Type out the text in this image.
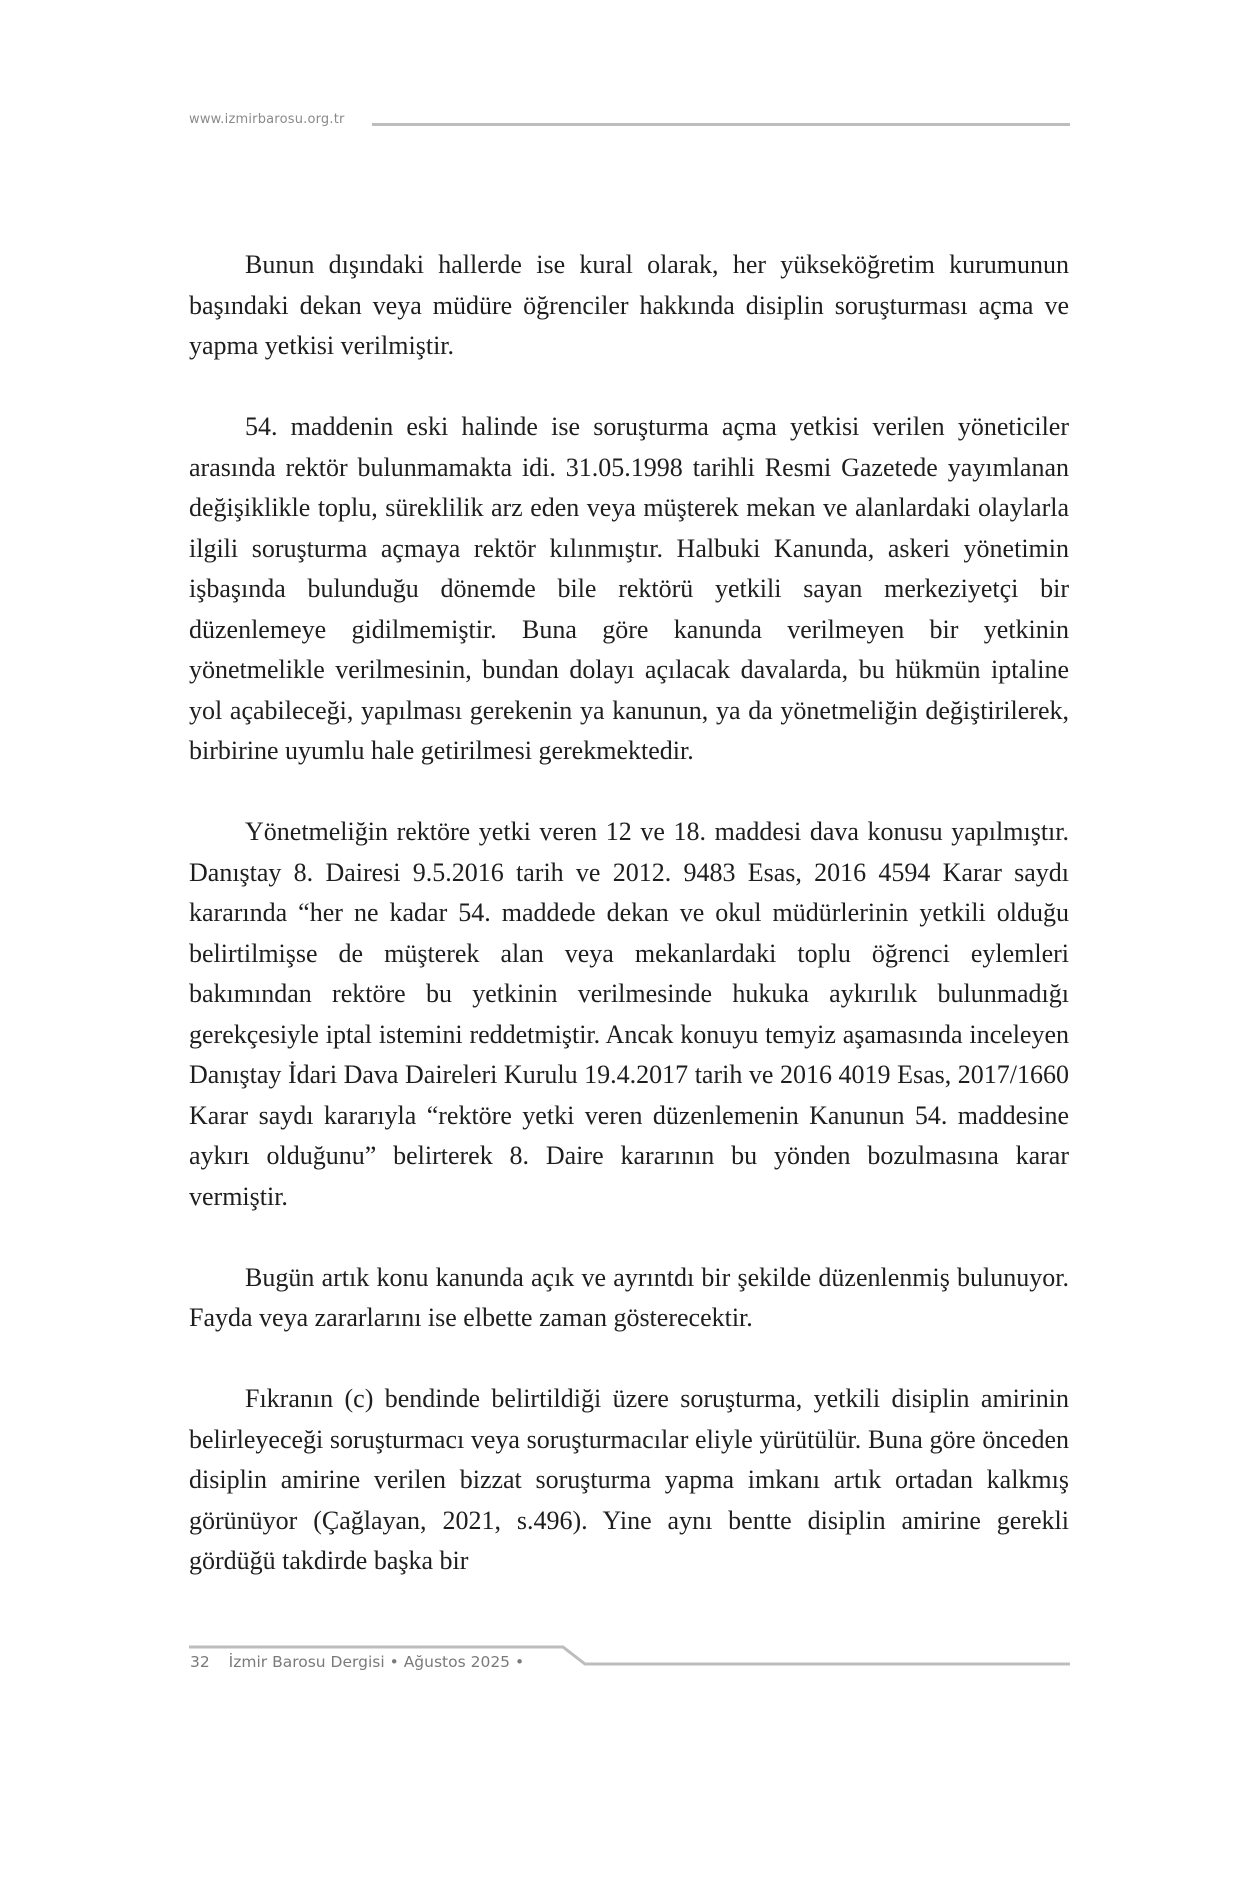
www.izmirbarosu.org.tr

Bunun dışındaki hallerde ise kural olarak, her yükseköğretim kurumunun başındaki dekan veya müdüre öğrenciler hakkında disiplin soruşturması açma ve yapma yetkisi verilmiştir.

54. maddenin eski halinde ise soruşturma açma yetkisi verilen yöneticiler arasında rektör bulunmamakta idi. 31.05.1998 tarihli Resmi Gazetede yayımlanan değişiklikle toplu, süreklilik arz eden veya müşterek mekan ve alanlardaki olaylarla ilgili soruşturma açmaya rektör kılınmıştır. Halbuki Kanunda, askeri yönetimin işbaşında bulunduğu dönemde bile rektörü yetkili sayan merkeziyetçi bir düzenlemeye gidilmemiştir. Buna göre kanunda verilmeyen bir yetkinin yönetmelikle verilmesinin, bundan dolayı açılacak davalarda, bu hükmün iptaline yol açabileceği, yapılması gerekenin ya kanunun, ya da yönetmeliğin değiştirilerek, birbirine uyumlu hale getirilmesi gerekmektedir.

Yönetmeliğin rektöre yetki veren 12 ve 18. maddesi dava konusu yapılmıştır. Danıştay 8. Dairesi 9.5.2016 tarih ve 2012. 9483 Esas, 2016 4594 Karar saydı kararında “her ne kadar 54. maddede dekan ve okul müdürlerinin yetkili olduğu belirtilmişse de müşterek alan veya mekanlardaki toplu öğrenci eylemleri bakımından rektöre bu yetkinin verilmesinde hukuka aykırılık bulunmadığı gerekçesiyle iptal istemini reddetmiştir. Ancak konuyu temyiz aşamasında inceleyen Danıştay İdari Dava Daireleri Kurulu 19.4.2017 tarih ve 2016 4019 Esas, 2017/1660 Karar saydı kararıyla “rektöre yetki veren düzenlemenin Kanunun 54. maddesine aykırı olduğunu” belirterek 8. Daire kararının bu yönden bozulmasına karar vermiştir.

Bugün artık konu kanunda açık ve ayrıntdı bir şekilde düzenlenmiş bulunuyor. Fayda veya zararlarını ise elbette zaman gösterecektir.

Fıkranın (c) bendinde belirtildiği üzere soruşturma, yetkili disiplin amirinin belirleyeceği soruşturmacı veya soruşturmacılar eliyle yürütülür. Buna göre önceden disiplin amirine verilen bizzat soruşturma yapma imkanı artık ortadan kalkmış görünüyor (Çağlayan, 2021, s.496). Yine aynı bentte disiplin amirine gerekli gördüğü takdirde başka bir

32 İzmir Barosu Dergisi • Ağustos 2025 •
